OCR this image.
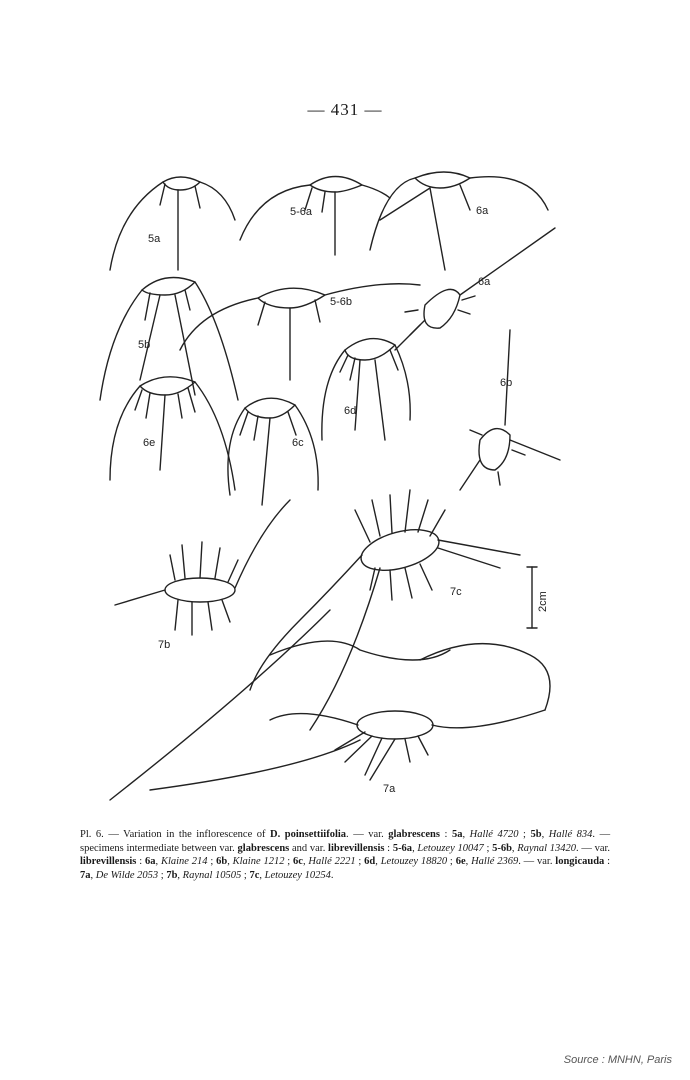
— 431 —
5a
5-6a	6a
6a
5b
5-6b
6b
6d
6e	6c
7c
7b
7a
2cm
Pl. 6. — Variation in the inflorescence of D. poinsettiifolia. — var. glabrescens : 5a, Hallé 4720 ; 5b, Hallé 834. — specimens intermediate between var. glabrescens and var. librevillensis : 5-6a, Letouzey 10047 ; 5-6b, Raynal 13420. — var. librevillensis : 6a, Klaine 214 ; 6b, Klaine 1212 ; 6c, Hallé 2221 ; 6d, Letouzey 18820 ; 6e, Hallé 2369. — var. longicauda : 7a, De Wilde 2053 ; 7b, Raynal 10505 ; 7c, Letouzey 10254.
Source : MNHN, Paris
